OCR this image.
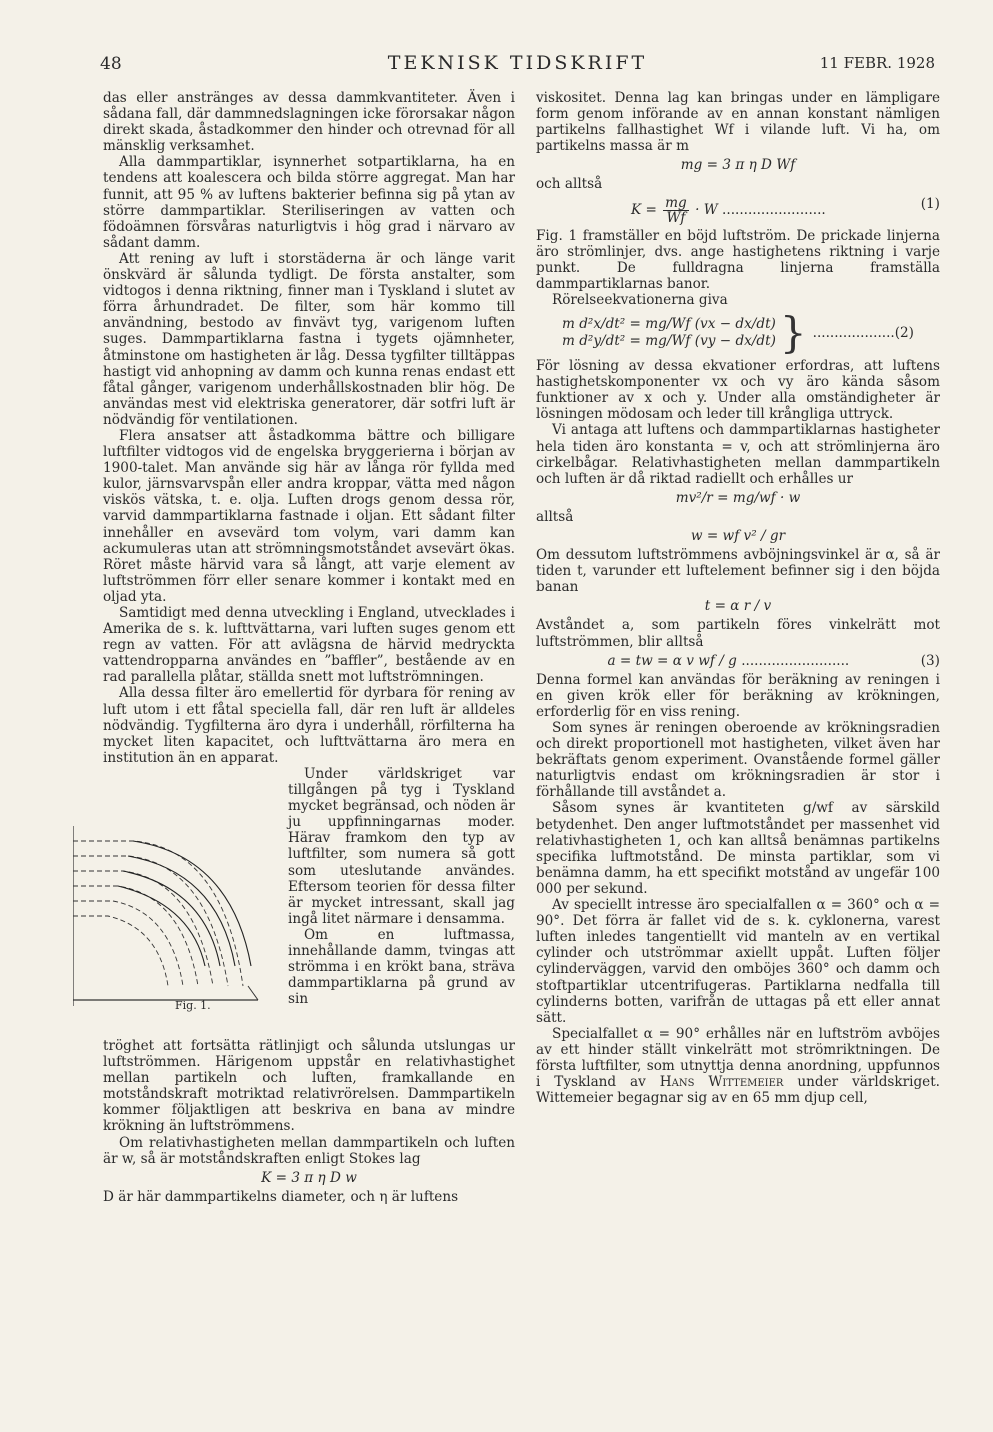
48	TEKNISK TIDSKRIFT	11 FEBR. 1928

das eller anstränges av dessa dammkvantiteter. Även i sådana fall, där dammnedslagningen icke förorsakar någon direkt skada, åstadkommer den hinder och otrevnad för all mänsklig verksamhet.

Alla dammpartiklar, isynnerhet sotpartiklarna, ha en tendens att koalescera och bilda större aggregat. Man har funnit, att 95 % av luftens bakterier befinna sig på ytan av större dammpartiklar. Steriliseringen av vatten och födoämnen försvåras naturligtvis i hög grad i närvaro av sådant damm.

Att rening av luft i storstäderna är och länge varit önskvärd är sålunda tydligt. De första anstalter, som vidtogos i denna riktning, finner man i Tyskland i slutet av förra århundradet. De filter, som här kommo till användning, bestodo av finvävt tyg, varigenom luften suges. Dammpartiklarna fastna i tygets ojämnheter, åtminstone om hastigheten är låg. Dessa tygfilter tilltäppas hastigt vid anhopning av damm och kunna renas endast ett fåtal gånger, varigenom underhållskostnaden blir hög. De användas mest vid elektriska generatorer, där sotfri luft är nödvändig för ventilationen.

Flera ansatser att åstadkomma bättre och billigare luftfilter vidtogos vid de engelska bryggerierna i början av 1900-talet. Man använde sig här av långa rör fyllda med kulor, järnsvarvspån eller andra kroppar, vätta med någon viskös vätska, t. e. olja. Luften drogs genom dessa rör, varvid dammpartiklarna fastnade i oljan. Ett sådant filter innehåller en avsevärd tom volym, vari damm kan ackumuleras utan att strömningsmotståndet avsevärt ökas. Röret måste härvid vara så långt, att varje element av luftströmmen förr eller senare kommer i kontakt med en oljad yta.

Samtidigt med denna utveckling i England, utvecklades i Amerika de s. k. lufttvättarna, vari luften suges genom ett regn av vatten. För att avlägsna de härvid medryckta vattendropparna användes en ”baffler”, bestående av en rad parallella plåtar, ställda snett mot luftströmningen.

Alla dessa filter äro emellertid för dyrbara för rening av luft utom i ett fåtal speciella fall, där ren luft är alldeles nödvändig. Tygfilterna äro dyra i underhåll, rörfilterna ha mycket liten kapacitet, och lufttvättarna äro mera en institution än en apparat.

Fig. 1.

Under världskriget var tillgången på tyg i Tyskland mycket begränsad, och nöden är ju uppfinningarnas moder. Härav framkom den typ av luftfilter, som numera så gott som uteslutande användes. Eftersom teorien för dessa filter är mycket intressant, skall jag ingå litet närmare i densamma.

Om en luftmassa, innehållande damm, tvingas att strömma i en krökt bana, sträva dammpartiklarna på grund av sin

tröghet att fortsätta rätlinjigt och sålunda utslungas ur luftströmmen. Härigenom uppstår en relativhastighet mellan partikeln och luften, framkallande en motståndskraft motriktad relativrörelsen. Dammpartikeln kommer följaktligen att beskriva en bana av mindre krökning än luftströmmens.

Om relativhastigheten mellan dammpartikeln och luften är w, så är motståndskraften enligt Stokes lag

K = 3 π η D w

D är här dammpartikelns diameter, och η är luftens

viskositet. Denna lag kan bringas under en lämpligare form genom införande av en annan konstant nämligen partikelns fallhastighet Wf i vilande luft. Vi ha, om partikelns massa är m

mg = 3 π η D Wf

och alltså

$K = \frac{mg}{Wf} \cdot W$ ........................	(1)

Fig. 1 framställer en böjd luftström. De prickade linjerna äro strömlinjer, dvs. ange hastighetens riktning i varje punkt. De fulldragna linjerna framställa dammpartiklarnas banor.

Rörelseekvationerna giva

m d²x/dt² = mg/Wf (vx − dx/dt)
m d²y/dt² = mg/Wf (vy − dx/dt) } ................... (2)

För lösning av dessa ekvationer erfordras, att luftens hastighetskomponenter vx och vy äro kända såsom funktioner av x och y. Under alla omständigheter är lösningen mödosam och leder till krångliga uttryck.

Vi antaga att luftens och dammpartiklarnas hastigheter hela tiden äro konstanta = v, och att strömlinjerna äro cirkelbågar. Relativhastigheten mellan dammpartikeln och luften är då riktad radiellt och erhålles ur

mv²/r = mg/wf · w

alltså

w = wf v² / gr

Om dessutom luftströmmens avböjningsvinkel är α, så är tiden t, varunder ett luftelement befinner sig i den böjda banan

t = α r / v

Avståndet a, som partikeln föres vinkelrätt mot luftströmmen, blir alltså

a = tw = α v wf / g .........................	(3)

Denna formel kan användas för beräkning av reningen i en given krök eller för beräkning av krökningen, erforderlig för en viss rening.

Som synes är reningen oberoende av krökningsradien och direkt proportionell mot hastigheten, vilket även har bekräftats genom experiment. Ovanstående formel gäller naturligtvis endast om krökningsradien är stor i förhållande till avståndet a.

Såsom synes är kvantiteten g/wf av särskild betydenhet. Den anger luftmotståndet per massenhet vid relativhastigheten 1, och kan alltså benämnas partikelns specifika luftmotstånd. De minsta partiklar, som vi benämna damm, ha ett specifikt motstånd av ungefär 100 000 per sekund.

Av speciellt intresse äro specialfallen α = 360° och α = 90°. Det förra är fallet vid de s. k. cyklonerna, varest luften inledes tangentiellt vid manteln av en vertikal cylinder och utströmmar axiellt uppåt. Luften följer cylinderväggen, varvid den omböjes 360° och damm och stoftpartiklar utcentrifugeras. Partiklarna nedfalla till cylinderns botten, varifrån de uttagas på ett eller annat sätt.

Specialfallet α = 90° erhålles när en luftström avböjes av ett hinder ställt vinkelrätt mot strömriktningen. De första luftfilter, som utnyttja denna anordning, uppfunnos i Tyskland av Hans Wittemeier under världskriget. Wittemeier begagnar sig av en 65 mm djup cell,
